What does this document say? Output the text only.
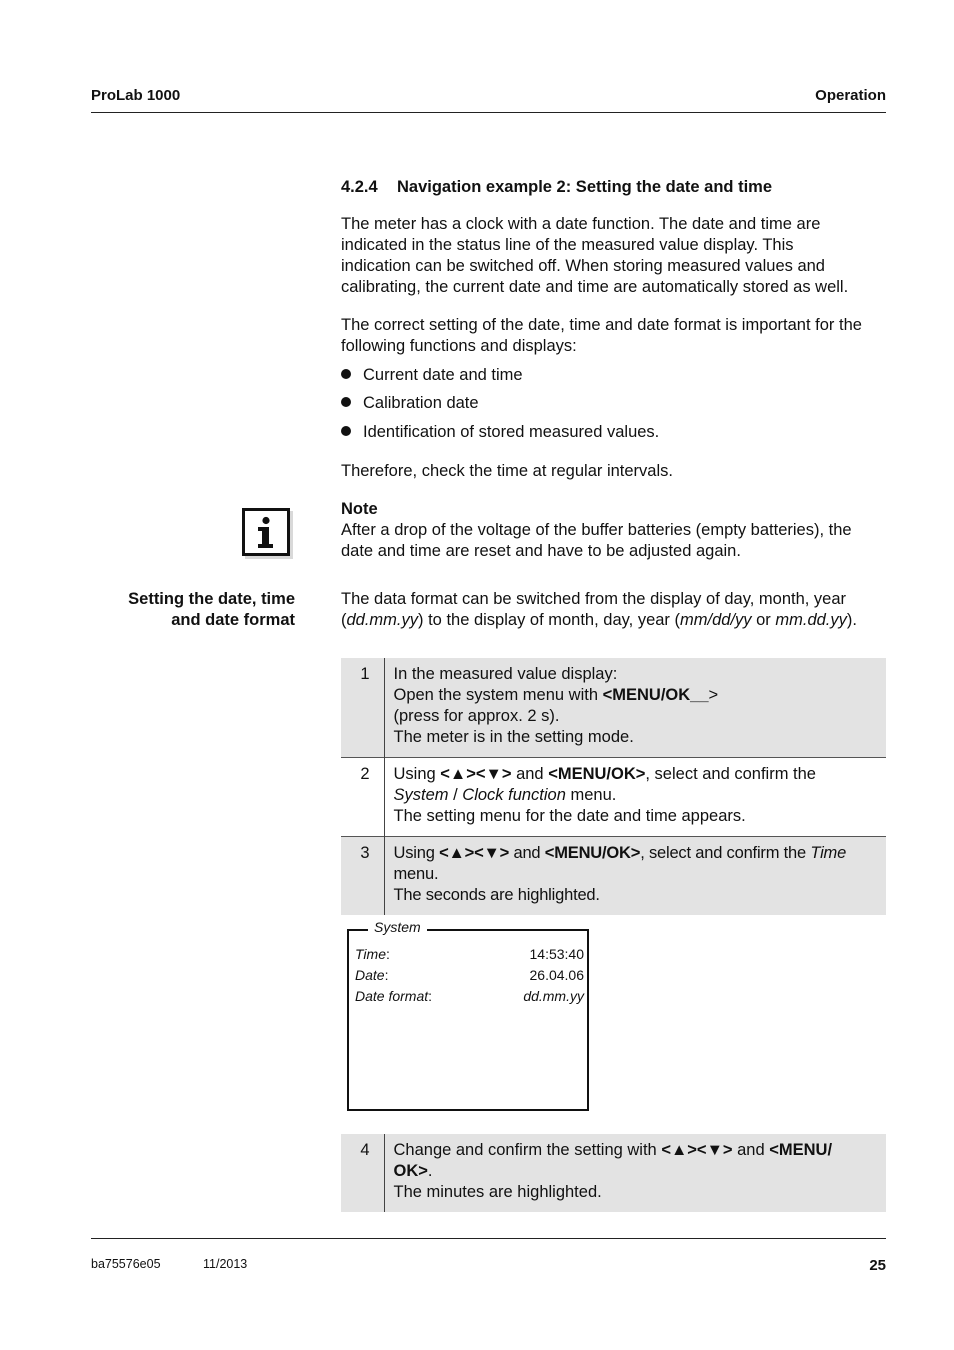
ProLab 1000	Operation
4.2.4 Navigation example 2: Setting the date and time
The meter has a clock with a date function. The date and time are
indicated in the status line of the measured value display. This
indication can be switched off. When storing measured values and
calibrating, the current date and time are automatically stored as well.
The correct setting of the date, time and date format is important for the
following functions and displays:
Current date and time
Calibration date
Identification of stored measured values.
Therefore, check the time at regular intervals.
Note
After a drop of the voltage of the buffer batteries (empty batteries), the
date and time are reset and have to be adjusted again.
Setting the date, time
and date format
The data format can be switched from the display of day, month, year
(dd.mm.yy) to the display of month, day, year (mm/dd/yy or mm.dd.yy).
1	In the measured value display:
Open the system menu with <MENU/OK__>
(press for approx. 2 s).
The meter is in the setting mode.

2	Using <▲><▼> and <MENU/OK>, select and confirm the
System / Clock function menu.
The setting menu for the date and time appears.

3	Using <▲><▼> and <MENU/OK>, select and confirm the Time
menu.
The seconds are highlighted.
System
Time:	14:53:40
Date:	26.04.06
Date format:	dd.mm.yy
4	Change and confirm the setting with <▲><▼> and <MENU/
OK>.
The minutes are highlighted.
ba75576e05	11/2013	25
